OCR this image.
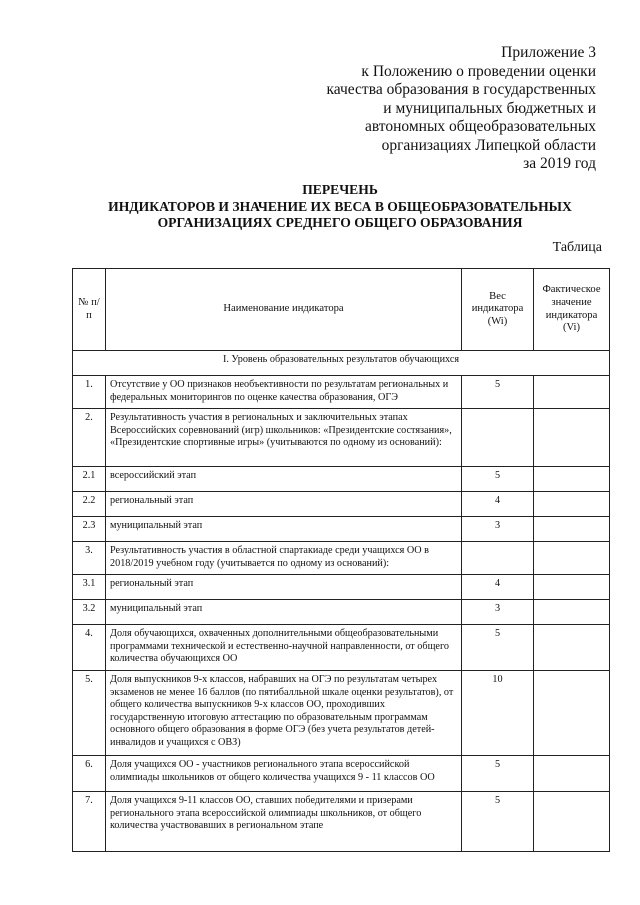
Приложение 3
к Положению о проведении оценки
качества образования в государственных
и муниципальных бюджетных и
автономных общеобразовательных
организациях Липецкой области
за 2019 год
ПЕРЕЧЕНЬ
ИНДИКАТОРОВ И ЗНАЧЕНИЕ ИХ ВЕСА В ОБЩЕОБРАЗОВАТЕЛЬНЫХ
ОРГАНИЗАЦИЯХ СРЕДНЕГО ОБЩЕГО ОБРАЗОВАНИЯ
Таблица
№ п/п	Наименование индикатора	Вес индикатора (Wi)	Фактическое значение индикатора (Vi)
I. Уровень образовательных результатов обучающихся			
1.	Отсутствие у ОО признаков необъективности по результатам региональных и федеральных мониторингов по оценке качества образования, ОГЭ	5	
2.	Результативность участия в региональных и заключительных этапах Всероссийских соревнований (игр) школьников: «Президентские состязания», «Президентские спортивные игры» (учитываются по одному из оснований):		
2.1	всероссийский этап	5	
2.2	региональный этап	4	
2.3	муниципальный этап	3	
3.	Результативность участия в областной спартакиаде среди учащихся ОО в 2018/2019 учебном году (учитывается по одному из оснований):		
3.1	региональный этап	4	
3.2	муниципальный этап	3	
4.	Доля обучающихся, охваченных дополнительными общеобразовательными программами технической и естественно-научной направленности, от общего количества обучающихся ОО	5	
5.	Доля выпускников 9-х классов, набравших на ОГЭ по результатам четырех экзаменов не менее 16 баллов (по пятибалльной шкале оценки результатов), от общего количества выпускников 9-х классов ОО, проходивших государственную итоговую аттестацию по образовательным программам основного общего образования в форме ОГЭ (без учета результатов детей-инвалидов и учащихся с ОВЗ)	10	
6.	Доля учащихся ОО - участников регионального этапа всероссийской олимпиады школьников от общего количества учащихся 9 - 11 классов ОО	5	
7.	Доля учащихся 9-11 классов ОО, ставших победителями и призерами регионального этапа всероссийской олимпиады школьников, от общего количества участвовавших в региональном этапе	5	
